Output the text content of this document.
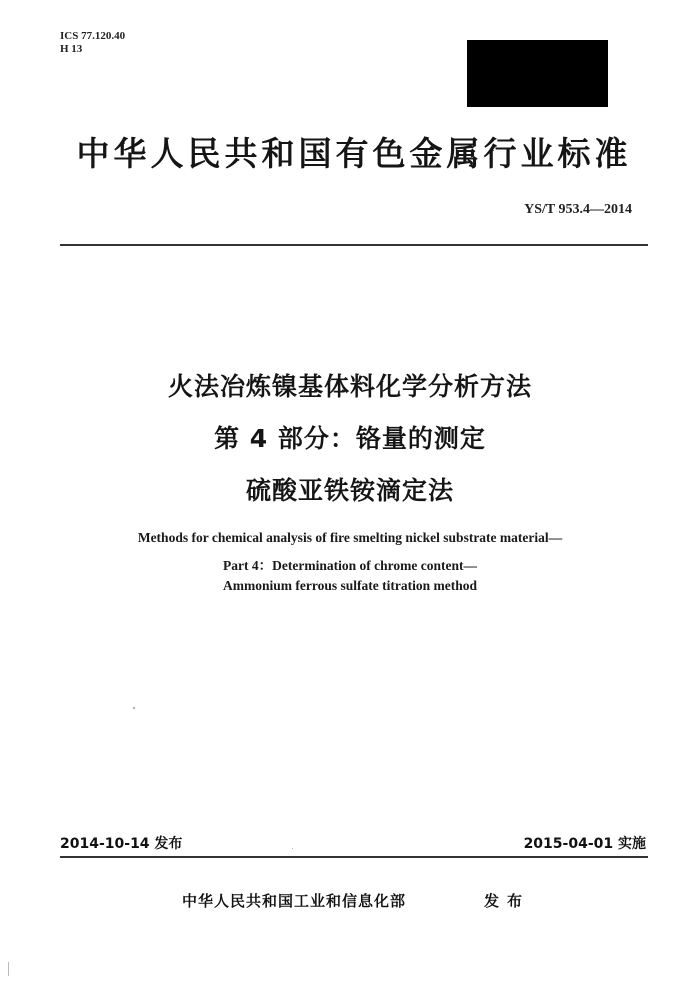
ICS 77.120.40
H 13
中华人民共和国有色金属行业标准
YS/T 953.4—2014
火法冶炼镍基体料化学分析方法
第 4 部分：铬量的测定
硫酸亚铁铵滴定法
Methods for chemical analysis of fire smelting nickel substrate material—
Part 4：Determination of chrome content—
Ammonium ferrous sulfate titration method
2014-10-14 发布	2015-04-01 实施
中华人民共和国工业和信息化部	发布
